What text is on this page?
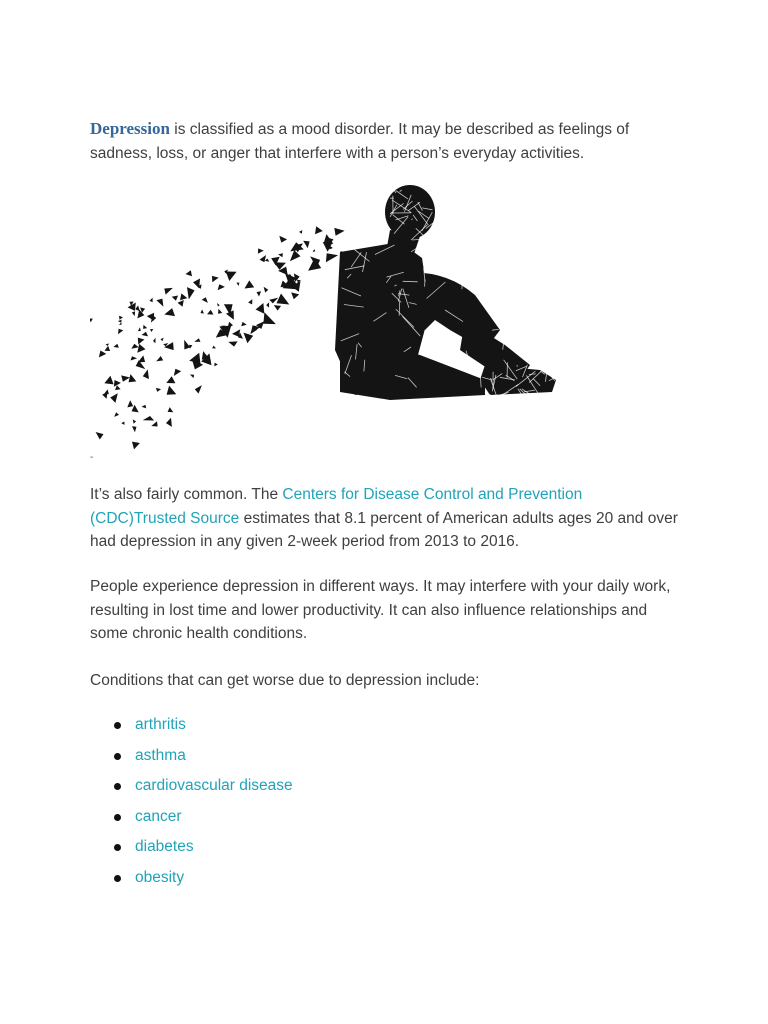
Depression is classified as a mood disorder. It may be described as feelings of sadness, loss, or anger that interfere with a person’s everyday activities.

-

It’s also fairly common. The Centers for Disease Control and Prevention (CDC)Trusted Source estimates that 8.1 percent of American adults ages 20 and over had depression in any given 2-week period from 2013 to 2016.

People experience depression in different ways. It may interfere with your daily work, resulting in lost time and lower productivity. It can also influence relationships and some chronic health conditions.

Conditions that can get worse due to depression include:

arthritis
asthma
cardiovascular disease
cancer
diabetes
obesity
